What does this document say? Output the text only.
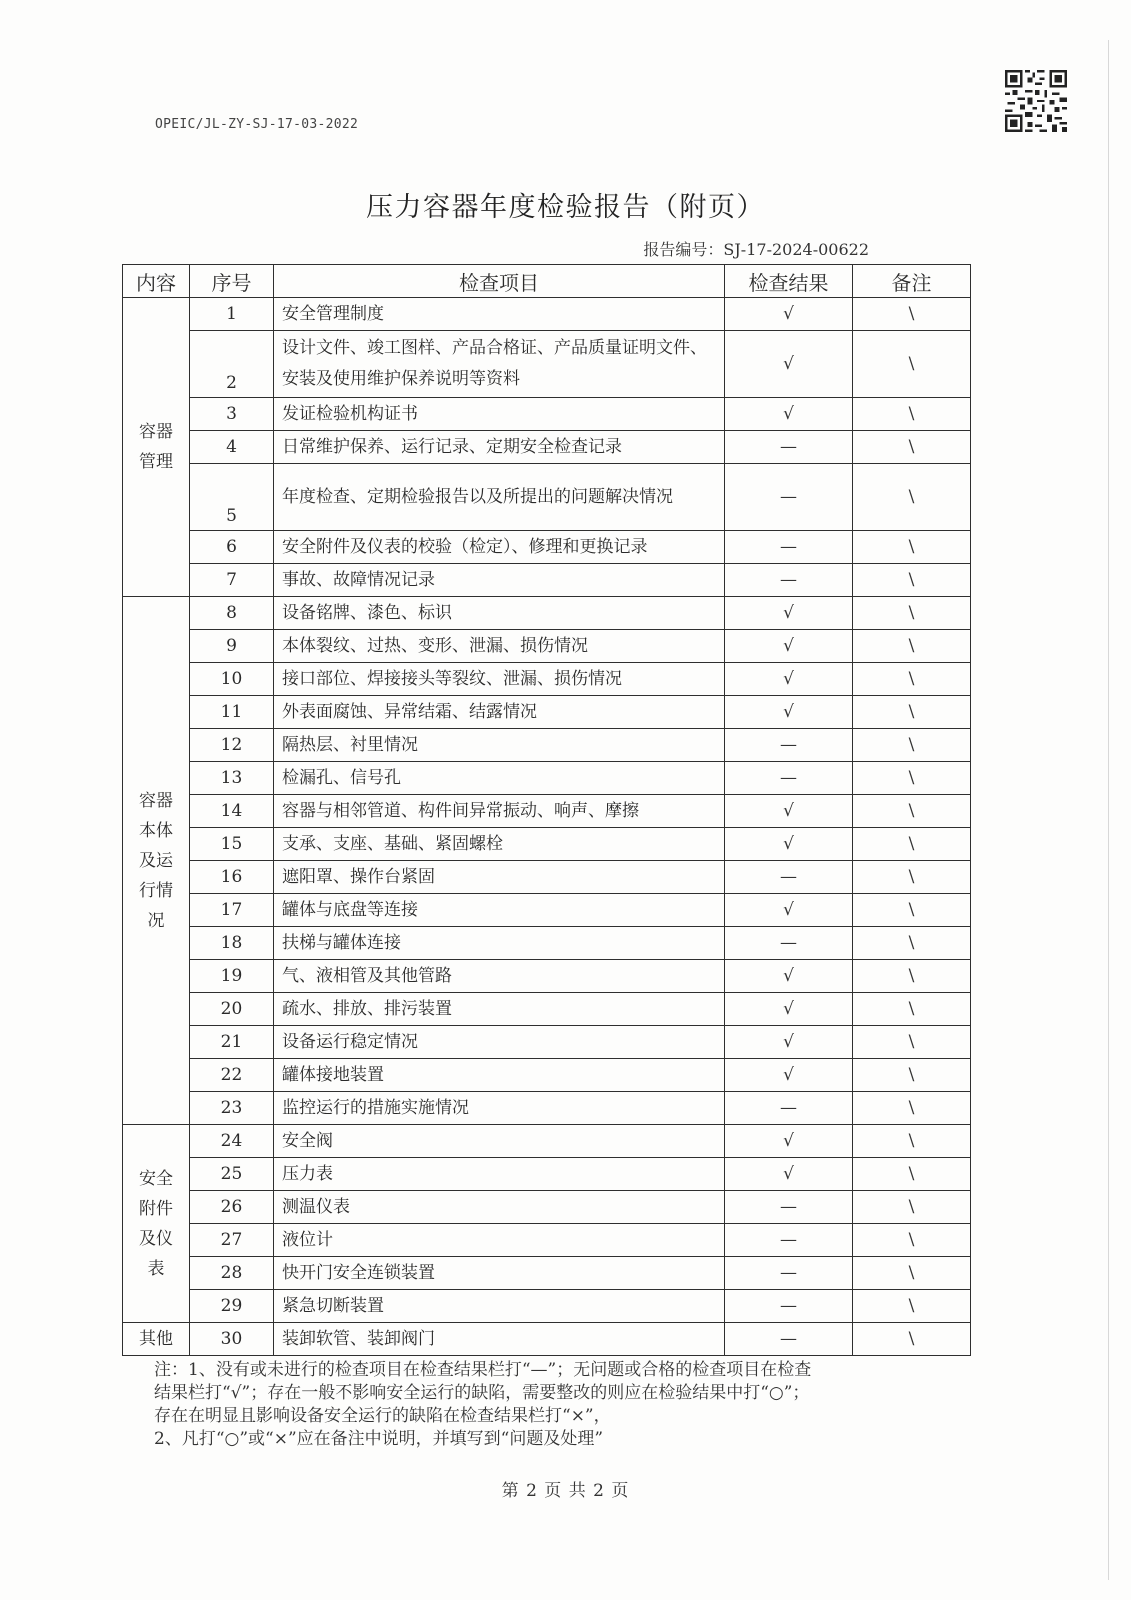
OPEIC/JL-ZY-SJ-17-03-2022
压力容器年度检验报告（附页）
报告编号：SJ-17-2024-00622
内容	序号	检查项目	检查结果	备注

容器
管理	1	安全管理制度	√	\
	2	设计文件、竣工图样、产品合格证、产品质量证明文件、安装及使用维护保养说明等资料	√	\
	3	发证检验机构证书	√	\
	4	日常维护保养、运行记录、定期安全检查记录	—	\
	5	年度检查、定期检验报告以及所提出的问题解决情况	—	\
	6	安全附件及仪表的校验（检定）、修理和更换记录	—	\
	7	事故、故障情况记录	—	\

容器
本体
及运
行情
况	8	设备铭牌、漆色、标识	√	\
	9	本体裂纹、过热、变形、泄漏、损伤情况	√	\
	10	接口部位、焊接接头等裂纹、泄漏、损伤情况	√	\
	11	外表面腐蚀、异常结霜、结露情况	√	\
	12	隔热层、衬里情况	—	\
	13	检漏孔、信号孔	—	\
	14	容器与相邻管道、构件间异常振动、响声、摩擦	√	\
	15	支承、支座、基础、紧固螺栓	√	\
	16	遮阳罩、操作台紧固	—	\
	17	罐体与底盘等连接	√	\
	18	扶梯与罐体连接	—	\
	19	气、液相管及其他管路	√	\
	20	疏水、排放、排污装置	√	\
	21	设备运行稳定情况	√	\
	22	罐体接地装置	√	\
	23	监控运行的措施实施情况	—	\

安全
附件
及仪
表	24	安全阀	√	\
	25	压力表	√	\
	26	测温仪表	—	\
	27	液位计	—	\
	28	快开门安全连锁装置	—	\
	29	紧急切断装置	—	\

其他	30	装卸软管、装卸阀门	—	\
注：1、没有或未进行的检查项目在检查结果栏打“—”；无问题或合格的检查项目在检查
结果栏打“√”；存在一般不影响安全运行的缺陷，需要整改的则应在检验结果中打“○”；
存在在明显且影响设备安全运行的缺陷在检查结果栏打“×”，
2、凡打“○”或“×”应在备注中说明，并填写到“问题及处理”
第 2 页 共 2 页
